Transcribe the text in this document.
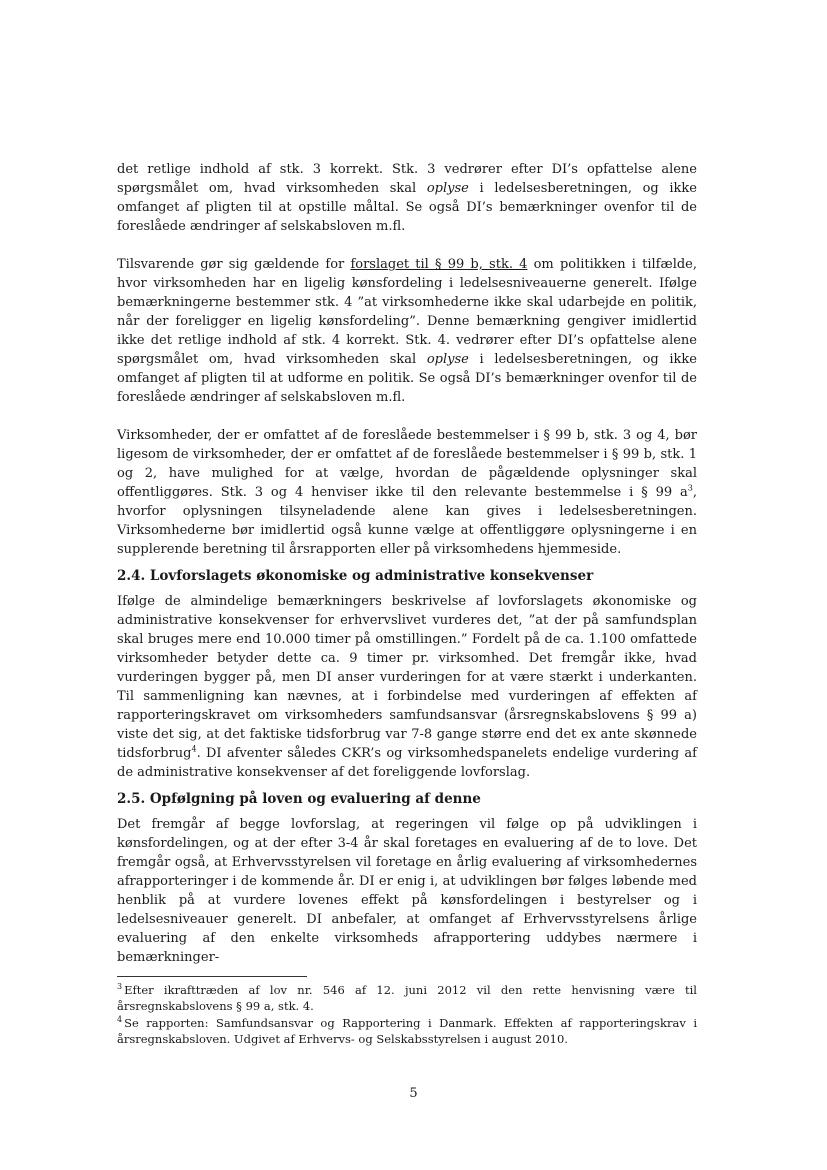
det retlige indhold af stk. 3 korrekt. Stk. 3 vedrører efter DI’s opfattelse alene spørgsmålet om, hvad virksomheden skal oplyse i ledelsesberetningen, og ikke omfanget af pligten til at opstille måltal. Se også DI’s bemærkninger ovenfor til de foreslåede ændringer af selskabsloven m.fl.

Tilsvarende gør sig gældende for forslaget til § 99 b, stk. 4 om politikken i tilfælde, hvor virksomheden har en ligelig kønsfordeling i ledelsesniveauerne generelt. Ifølge bemærkningerne bestemmer stk. 4 ”at virksomhederne ikke skal udarbejde en politik, når der foreligger en ligelig kønsfordeling”. Denne bemærkning gengiver imidlertid ikke det retlige indhold af stk. 4 korrekt. Stk. 4. vedrører efter DI’s opfattelse alene spørgsmålet om, hvad virksomheden skal oplyse i ledelsesberetningen, og ikke omfanget af pligten til at udforme en politik. Se også DI’s bemærkninger ovenfor til de foreslåede ændringer af selskabsloven m.fl.

Virksomheder, der er omfattet af de foreslåede bestemmelser i § 99 b, stk. 3 og 4, bør ligesom de virksomheder, der er omfattet af de foreslåede bestemmelser i § 99 b, stk. 1 og 2, have mulighed for at vælge, hvordan de pågældende oplysninger skal offentliggøres. Stk. 3 og 4 henviser ikke til den relevante bestemmelse i § 99 $a^3$, hvorfor oplysningen tilsyneladende alene kan gives i ledelsesberetningen. Virksomhederne bør imidlertid også kunne vælge at offentliggøre oplysningerne i en supplerende beretning til årsrapporten eller på virksomhedens hjemmeside.

2.4. Lovforslagets økonomiske og administrative konsekvenser

Ifølge de almindelige bemærkningers beskrivelse af lovforslagets økonomiske og administrative konsekvenser for erhvervslivet vurderes det, ”at der på samfundsplan skal bruges mere end 10.000 timer på omstillingen.” Fordelt på de ca. 1.100 omfattede virksomheder betyder dette ca. 9 timer pr. virksomhed. Det fremgår ikke, hvad vurderingen bygger på, men DI anser vurderingen for at være stærkt i underkanten. Til sammenligning kan nævnes, at i forbindelse med vurderingen af effekten af rapporteringskravet om virksomheders samfundsansvar (årsregnskabslovens § 99 a) viste det sig, at det faktiske tidsforbrug var 7-8 gange større end det ex ante skønnede tidsforbrug$^4$. DI afventer således CKR’s og virksomhedspanelets endelige vurdering af de administrative konsekvenser af det foreliggende lovforslag.

2.5. Opfølgning på loven og evaluering af denne

Det fremgår af begge lovforslag, at regeringen vil følge op på udviklingen i kønsfordelingen, og at der efter 3-4 år skal foretages en evaluering af de to love. Det fremgår også, at Erhvervsstyrelsen vil foretage en årlig evaluering af virksomhedernes afrapporteringer i de kommende år. DI er enig i, at udviklingen bør følges løbende med henblik på at vurdere lovenes effekt på kønsfordelingen i bestyrelser og i ledelsesniveauer generelt. DI anbefaler, at omfanget af Erhvervsstyrelsens årlige evaluering af den enkelte virksomheds afrapportering uddybes nærmere i bemærkninger-

$^3$ Efter ikrafttræden af lov nr. 546 af 12. juni 2012 vil den rette henvisning være til årsregnskabslovens § 99 a, stk. 4.

$^4$ Se rapporten: Samfundsansvar og Rapportering i Danmark. Effekten af rapporteringskrav i årsregnskabsloven. Udgivet af Erhvervs- og Selskabsstyrelsen i august 2010.

5
